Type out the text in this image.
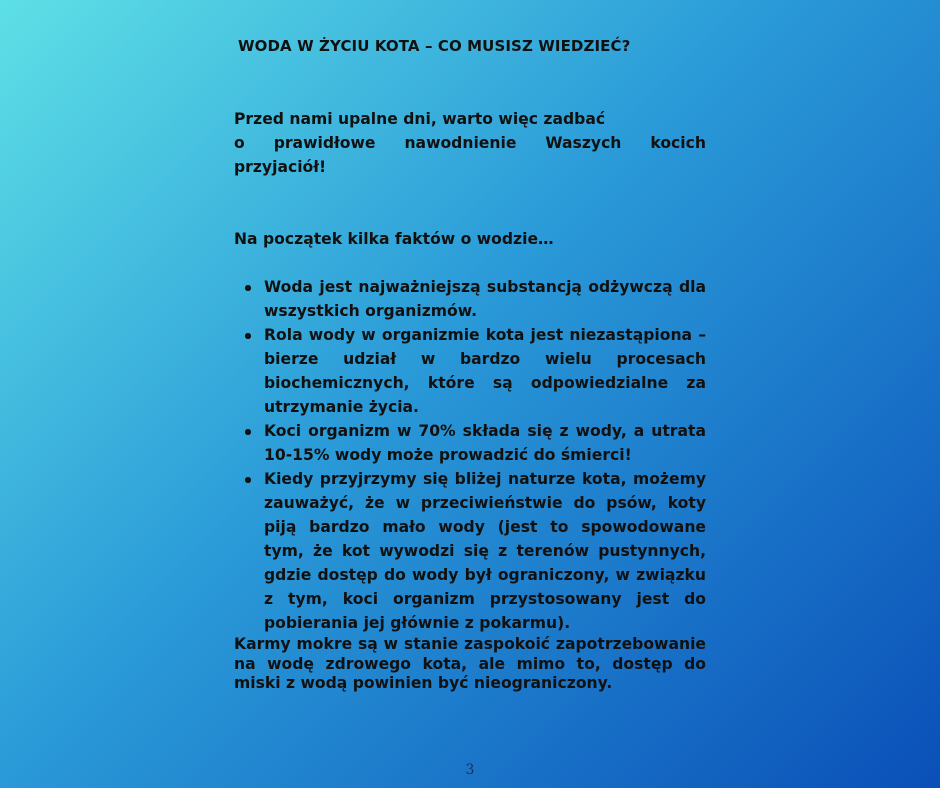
WODA W ŻYCIU KOTA – CO MUSISZ WIEDZIEĆ?

Przed nami upalne dni, warto więc zadbać
o prawidłowe nawodnienie Waszych kocich przyjaciół!

Na początek kilka faktów o wodzie…

Woda jest najważniejszą substancją odżywczą dla wszystkich organizmów.
Rola wody w organizmie kota jest niezastąpiona – bierze udział w bardzo wielu procesach biochemicznych, które są odpowiedzialne za utrzymanie życia.
Koci organizm w 70% składa się z wody, a utrata 10-15% wody może prowadzić do śmierci!
Kiedy przyjrzymy się bliżej naturze kota, możemy zauważyć, że w przeciwieństwie do psów, koty piją bardzo mało wody (jest to spowodowane tym, że kot wywodzi się z terenów pustynnych, gdzie dostęp do wody był ograniczony, w związku z tym, koci organizm przystosowany jest do pobierania jej głównie z pokarmu).

Karmy mokre są w stanie zaspokoić zapotrzebowanie na wodę zdrowego kota, ale mimo to, dostęp do miski z wodą powinien być nieograniczony.

3
